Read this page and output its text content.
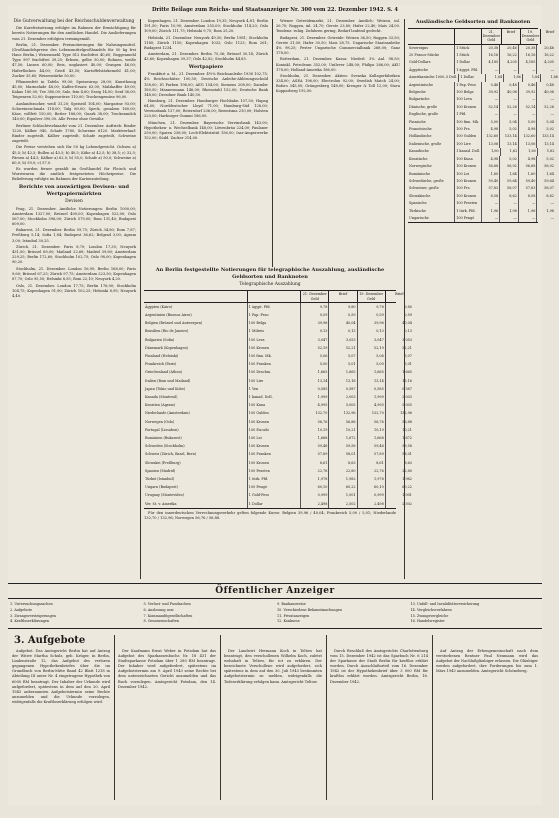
Dritte Beilage zum Reichs- und Staatsanzeiger Nr. 300 vom 22. Dezember 1942. S. 4

Die Gutverwaltung bei der Reichsschuldenverwaltung

Die Kursfestsetzung erfolgte im Rahmen der Ermächtigung für bereits Notierungen für den amtlichen Handel. Die Auslieferungen vom 21. Dezember erfolgten termingemäß.

Berlin, 21. Dezember. Preisnotierungen für Nahrungsmittel. (Großhandelspreise des Lebensmittelgroßhandels für 50 kg frei Haus Berlin.) Weizenmehl Type 812 frachtfrei 40,60; Roggenmehl Type 997 frachtfrei 39,25; Erbsen, gelbe 50,00; Bohnen, weiße 47,50; Linsen 60,00; Reis, unglasiert 40,00; Graupen 46,00; Haferflocken 44,00; Grieß 43,50; Kartoffelstärkemehl 41,00; Zucker 35,60; Weizenstärke 50,00.

Pflanzenfett in Tafeln 99,00; Speisesirup 28,00; Kunsthonig 45,00; Marmelade 48,00; Kaffee-Ersatz 63,00; Malzkaffee 49,00; Kakao 180,00; Tee 380,00; Salz, fein 4,60; Essig 14,00; Senf 36,00; Teigwaren 52,00; Suppenwürze 110,00; Trockengemüse 96,00.

Auslandszucker, weiß 31,20; Speiseöl 104,00; Margarine 93,00; Schweineschmalz 118,00; Talg 80,00; Speck, gesalzen 160,00; Käse, vollfett 150,00; Butter 186,00; Quark 38,00; Trockenmilch 140,00; Eipulver 390,00. Alle Preise ohne Gewähr.

Berliner Schlachtviehmarkt vom 21. Dezember. Auftrieb: Rinder 1220, Kälber 940, Schafe 1780, Schweine 6120. Marktverlauf: Rinder zugeteilt, Kälber zugeteilt, Schafe zugeteilt, Schweine zugeteilt.

Die Preise verstehen sich für 50 kg Lebendgewicht. Ochsen a) 45,5; b) 42,5; Bullen a) 43,5; b) 40,5; Kühe a) 42,5; b) 38,5; c) 32,5; Färsen a) 44,5; Kälber a) 62,0; b) 55,0; Schafe a) 50,0; Schweine a) 60,0; b) 59,0; c) 57,0.

Es wurden ferner gezahlt im Großhandel für Fleisch und Wurstwaren die amtlich festgesetzten Höchstpreise. Die Belieferung erfolgte im Rahmen der Kartenzuteilung.

Berichte von auswärtigen Devisen- und Wertpapiermärkten

Devisen

Prag, 21. Dezember. Amtliche Notierungen: Berlin 1000,00; Amsterdam 1327,00; Brüssel 400,00; Kopenhagen 522,00; Oslo 567,00; Stockholm 596,00; Zürich 579,00; Rom 131,40; Budapest 609,00.

Bukarest, 21. Dezember. Berlin 59,75; Zürich 34,80; Rom 7,87; Preßburg 5,14; Sofia 1,84; Budapest 36,62; Belgrad 3,00; Agram 3,00; Istanbul 30,25.

Zürich, 21. Dezember. Paris 8,70; London 17,35; Neuyork 431,00; Brüssel 69,00; Mailand 22,68; Madrid 39,80; Amsterdam 229,25; Berlin 172,60; Stockholm 102,75; Oslo 98,00; Kopenhagen 90,20.

Stockholm, 21. Dezember. London 16,95; Berlin 168,00; Paris 9,60; Brüssel 67,25; Zürich 97,75; Amsterdam 223,50; Kopenhagen 87,70; Oslo 95,50; Helsinki 8,55; Rom 22,10; Neuyork 4,20.

Oslo, 21. Dezember. London 17,75; Berlin 176,00; Stockholm 104,75; Kopenhagen 91,90; Zürich 102,25; Helsinki 8,95; Neuyork 4,40.

Kopenhagen, 21. Dezember. London 19,35; Neuyork 4,81; Berlin 191,50; Paris 10,90; Amsterdam 255,00; Stockholm 114,20; Oslo 109,00; Zürich 111,75; Helsinki 9,75; Rom 25,20.

Helsinki, 21. Dezember. Neuyork 49,50; Berlin 1981; Stockholm 1180; Zürich 1150; Kopenhagen 1032; Oslo 1123; Rom 261; Budapest 1234.

Amsterdam, 21. Dezember. Berlin 75,36; Brüssel 30,14; Zürich 43,60; Kopenhagen 39,37; Oslo 42,82; Stockholm 44,85.

Wertpapiere

Frankfurt a. M., 21. Dezember. 4½% Reichsanleihe 1938 102,75; 4% Reichsschätze 100,50; Deutsche Anleihe-Ablösungsschuld 158,00; IG Farben 196,00; AEG 154,00; Siemens 208,00; Daimler 180,50; Mannesmann 146,00; Rheinstahl 152,00; Deutsche Bank 148,00; Dresdner Bank 140,50.

Hamburg, 21. Dezember. Hamburger Hochbahn 107,50; Hapag 64,00; Norddeutscher Lloyd 71,00; Hamburg-Süd 128,00; Vereinsbank 137,00; Beiersdorf 236,00; Reemtsma 210,00; Holsten 220,00; Harburger Gummi 186,00.

München, 21. Dezember. Bayerische Vereinsbank 143,00; Hypotheken- u. Wechselbank 148,00; Löwenbräu 224,00; Paulaner 250,00; Spaten 238,00; Lech-Elektrizität 156,00; Isar-Amperwerke 152,00; Südd. Zucker 214,00.

An Berlin festgestellte Notierungen für telegraphische Auszahlung, ausländische Geldsorten und Banknoten

Telegraphische Auszahlung

21. Dezember Geld
Brief	19. Dezember Geld
Brief
Ägypten (Kairo)	1 ägypt. Pfd.	9,78	9,80	9,78	9,80
Argentinien (Buenos Aires)	1 Pap.-Peso	0,59	0,59	0,59	0,59
Belgien (Brüssel und Antwerpen)	100 Belga	39,96	40,04	39,96	40,04
Brasilien (Rio de Janeiro)	1 Milreis	0,13	0,13	0,13	0,13
Bulgarien (Sofia)	100 Leva	3,047	3,053	3,047	3,053
Dänemark (Kopenhagen)	100 Kronen	52,19	52,21	52,19	52,21
Finnland (Helsinki)	100 finn. Mk.	5,06	5,07	5,06	5,07
Frankreich (Paris)	100 Franken	5,00	5,01	5,00	5,01
Griechenland (Athen)	100 Drachm.	1,665	1,665	1,665	1,665
Italien (Rom und Mailand)	100 Lire	13,14	13,16	13,14	13,16
Japan (Tokio und Kobe)	1 Yen	0,585	0,587	0,585	0,587
Kanada (Montreal)	1 kanad. Doll.	1,999	2,003	1,999	2,003
Kroatien (Agram)	100 Kuna	4,995	5,005	4,995	5,005
Niederlande (Amsterdam)	100 Gulden	132,70	132,96	132,70	132,96
Norwegen (Oslo)	100 Kronen	56,76	56,88	56,76	56,88
Portugal (Lissabon)	100 Escudo	10,19	10,21	10,19	10,21
Rumänien (Bukarest)	100 Lei	1,668	1,672	1,668	1,672
Schweden (Stockholm)	100 Kronen	59,46	59,58	59,46	59,58
Schweiz (Zürich, Basel, Bern)	100 Franken	57,89	58,01	57,89	58,01
Slowakei (Preßburg)	100 Kronen	8,61	8,63	8,61	8,63
Spanien (Madrid)	100 Peseten	22,76	22,80	22,76	22,80
Türkei (Istanbul)	1 türk. Pfd.	1,978	1,982	1,978	1,982
Ungarn (Budapest)	100 Pengö	60,10	60,22	60,10	60,22
Uruguay (Montevideo)	1 Gold-Peso	0,999	1,001	0,999	1,001
Ver. St. v. Amerika	1 Dollar	2,498	2,502	2,498	2,502

Für den innerdeutschen Verrechnungsverkehr gelten folgende Kurse: Belgien 39,96 / 40,04; Frankreich 5,00 / 5,01; Niederlande 132,70 / 132,96; Norwegen 56,76 / 56,88.

Wiener Getreidemarkt, 21. Dezember. Amtlich: Weizen, inl. 26,70; Roggen, inl. 24,70; Gerste 23,80; Hafer 22,40; Mais 24,00. Tendenz: ruhig. Zufuhren gering, Bedarf laufend gedeckt.

Budapest, 21. Dezember. Getreide: Weizen 36,50; Roggen 33,50; Gerste 31,00; Hafer 30,50; Mais 28,75. Ungarische Staatsanleihe 4% 98,25; Pester Ungarische Commercialbank 268,00; Ganz 178,00.

Rotterdam, 21. Dezember. Kassa: Niederl. 3% Anl. 98,50; Koninkl. Petroleum 352,00; Unilever 248,00; Philips 286,00; AKU 178,00; Holland-Amerika 186,00.

Stockholm, 21. Dezember. Aktien: Svenska Kullagerfabriken 334,00; ASEA 196,00; Electrolux 92,00; Swedish Match 24,00; Bofors 345,00; Grängesberg 148,00; Kreuger & Toll 12,00; Stora Kopparberg 192,00.

Ausländische Geldsorten und Banknoten

21. Dezember Geld
Brief	19. Dezember Geld
Brief
Sovereigns	1 Stück	20,38	20,46	20,38	20,46
20 Francs-Stücke	1 Stück	16,16	16,22	16,16	16,22
Gold-Dollars	1 Dollar	4,185	4,205	4,185	4,205
Ägyptische	1 ägypt. Pfd.	—	—	—	—
Amerikanische 1000–5 Doll. 1 Dollar	1,84	1,86	1,84	1,86
Argentinische	1 Pap.-Peso	0,46	0,48	0,46	0,48
Belgische	100 Belga	39,92	40,08	39,92	40,08
Bulgarische	100 Leva	—	—	—	—
Dänische, große	100 Kronen	52,14	52,26	52,14	52,26
Englische, große	1 Pfd.	—	—	—	—
Finnische	100 finn. Mk.	5,00	5,04	5,00	5,04
Französische	100 Frs.	4,98	5,02	4,98	5,02
Holländische	100 Gulden	132,60	133,14	132,60	133,14
Italienische, große	100 Lire	13,06	13,14	13,06	13,14
Kanadische	1 kanad. Doll.	1,60	1,62	1,60	1,62
Kroatische	100 Kuna	4,98	5,02	4,98	5,02
Norwegische	100 Kronen	56,68	56,92	56,68	56,92
Rumänische	100 Lei	1,60	1,64	1,60	1,64
Schwedische, große	100 Kronen	59,40	59,64	59,40	59,64
Schweizer, große	100 Frs.	57,83	58,07	57,83	58,07
Slowakische	100 Kronen	8,58	8,62	8,58	8,62
Spanische	100 Peseten	—	—	—	—
Türkische	1 türk. Pfd.	1,96	1,98	1,96	1,98
Ungarische	100 Pengö	—	—	—	—
Öffentlicher Anzeiger
1. Untersuchungssachen	5. Verlust- und Fundsachen	9. Bankausweise	13. Unfall- und Invaliditätsversicherung
2. Aufgebote	6. Auslosung usw.	10. Verschiedene Bekanntmachungen	14. Vergleichsverfahren
3. Zwangsversteigerungen	7. Kommanditgesellschaften	11. Privatanzeigen	15. Zwangsvergleiche
4. Kraftloserklärungen	8. Genossenschaften	12. Konkurse	16. Handelsregister
3. Aufgebote

Aufgebot. Das Amtsgericht Berlin hat auf Antrag der Witwe Martha Schulz, geb. Krüger, in Berlin, Lindenstraße 12, das Aufgebot des verloren gegangenen Hypothekenbriefes über die im Grundbuch von Berlin-Mitte Band 42 Blatt 1218 in Abteilung III unter Nr. 4 eingetragene Hypothek von 6000 RM beantragt. Der Inhaber der Urkunde wird aufgefordert, spätestens in dem auf den 20. April 1943 anberaumten Aufgebotstermin seine Rechte anzumelden und die Urkunde vorzulegen, widrigenfalls die Kraftloserklärung erfolgen wird.

Der Kaufmann Ernst Weber in Potsdam hat das Aufgebot des Sparkassenbuchs Nr. 18 431 der Stadtsparkasse Potsdam über 1 280 RM beantragt. Der Inhaber wird aufgefordert, spätestens im Aufgebotstermin am 9. April 1943 seine Rechte bei dem unterzeichneten Gericht anzumelden und das Buch vorzulegen. Amtsgericht Potsdam, den 14. Dezember 1942.

Der Landwirt Hermann Koch in Teltow hat beantragt, den verschollenen Wilhelm Koch, zuletzt wohnhaft in Teltow, für tot zu erklären. Der bezeichnete Verschollene wird aufgefordert, sich spätestens in dem auf den 30. Juli 1943 bestimmten Aufgebotstermin zu melden, widrigenfalls die Todeserklärung erfolgen kann. Amtsgericht Teltow.

Durch Beschluß des Amtsgerichts Charlottenburg vom 15. Dezember 1942 ist das Sparbuch Nr. 6 214 der Sparkasse der Stadt Berlin für kraftlos erklärt worden. Durch Ausschlußurteil vom 16. Dezember 1942 ist der Hypothekenbrief über 3 000 RM für kraftlos erklärt worden. Amtsgericht Berlin, 16. Dezember 1942.

Auf Antrag der Erbengemeinschaft nach dem verstorbenen Rentner Paul Neumann wird das Aufgebot der Nachlaßgläubiger erlassen. Die Gläubiger werden aufgefordert, ihre Forderungen bis zum 1. März 1943 anzumelden. Amtsgericht Schöneberg.
